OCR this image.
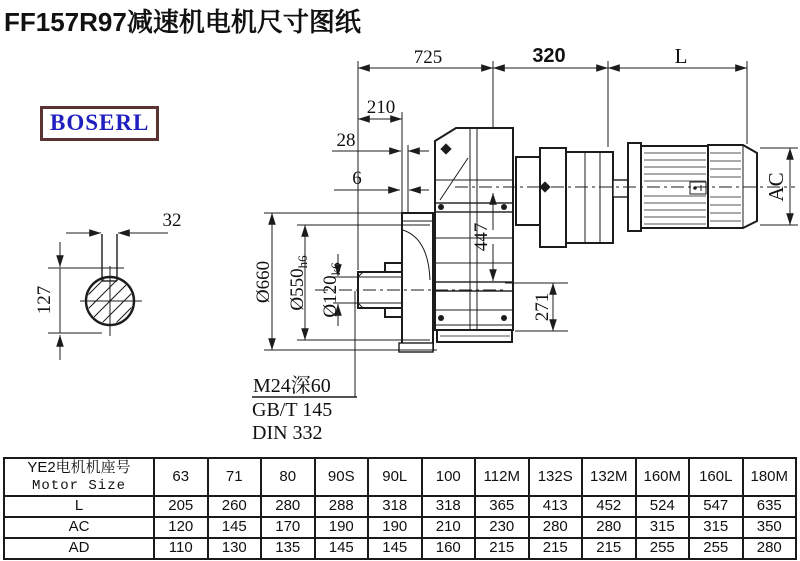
FF157R97减速机电机尺寸图纸
BOSERL
725	320	L
210
28
6	AC
447
271
Ø660 $Ø550_{h6}$
$Ø120_{k6}$
M24深60
GB/T 145
DIN 332
32
127
YE2电机机座号
Motor Size	63	71	80	90S	90L	100	112M	132S	132M	160M	160L	180M
L	205	260	280	288	318	318	365	413	452	524	547	635
AC	120	145	170	190	190	210	230	280	280	315	315	350
AD	110	130	135	145	145	160	215	215	215	255	255	280
